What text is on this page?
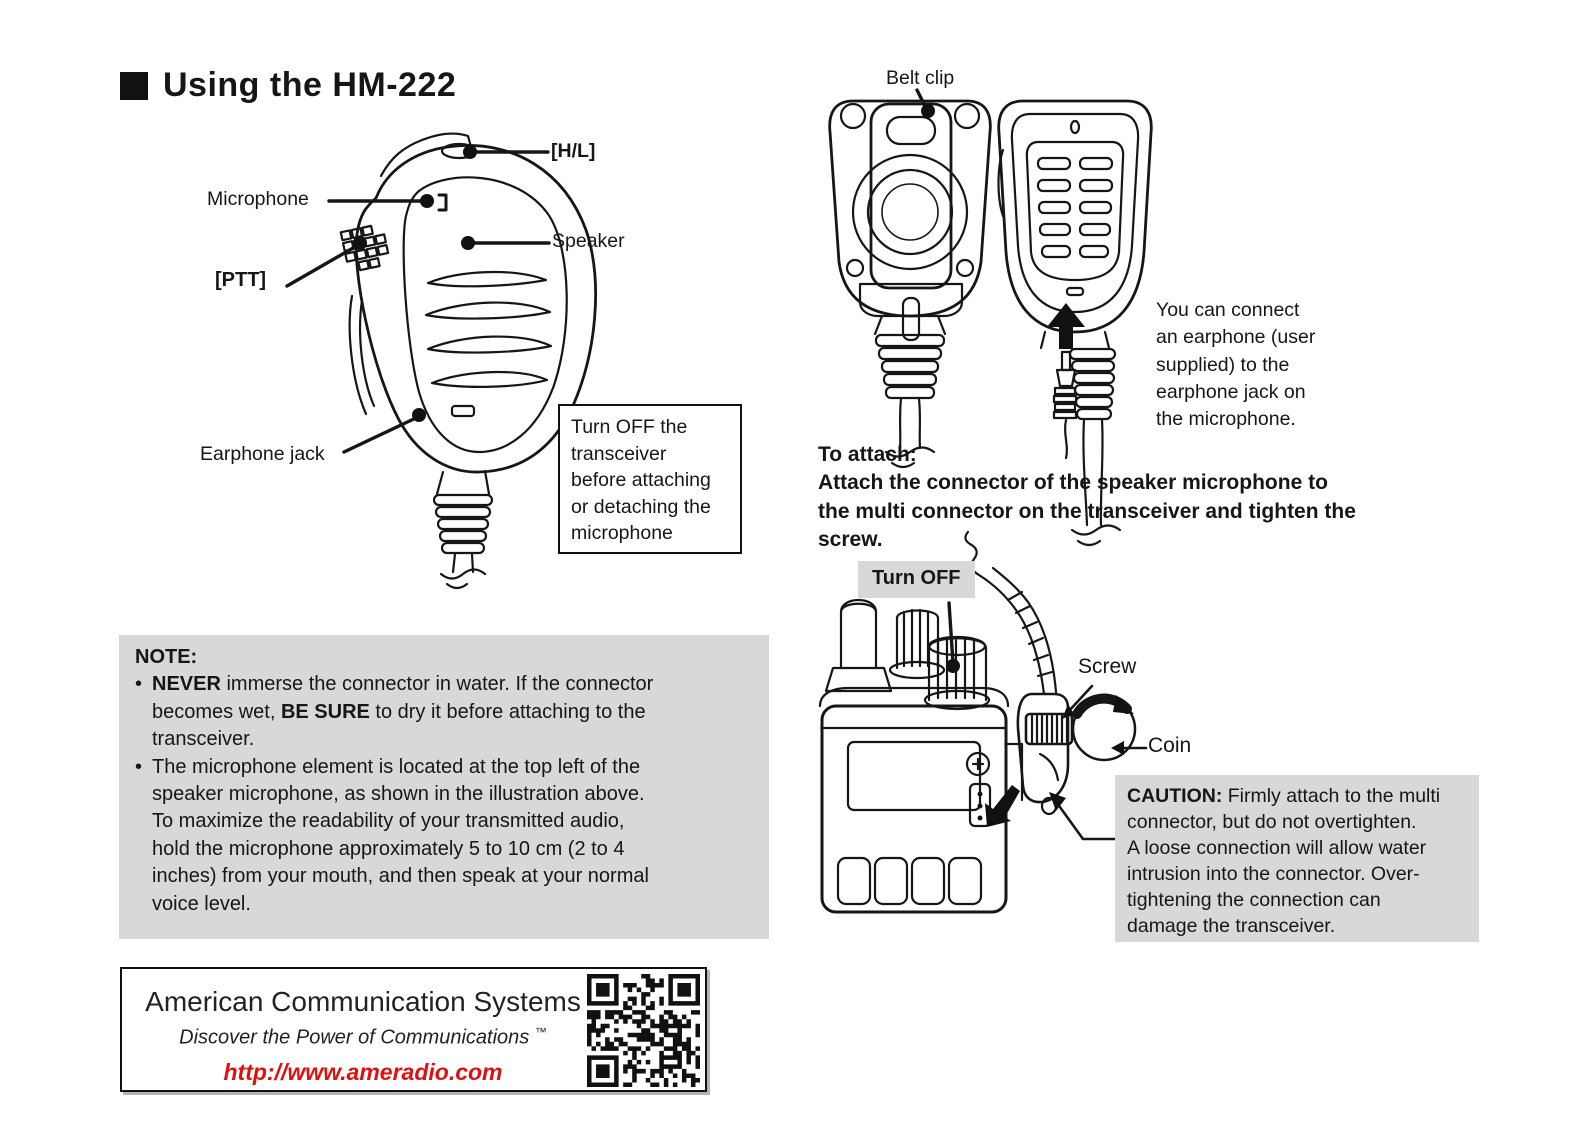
Using the HM-222
Microphone
[H/L]
Speaker
[PTT]
Earphone jack
Turn OFF the
transceiver
before attaching
or detaching the
microphone
Belt clip
You can connect
an earphone (user
supplied) to the
earphone jack on
the microphone.
To attach:
Attach the connector of the speaker microphone to
the multi connector on the transceiver and tighten the
screw.
Turn OFF
Screw
Coin
CAUTION: Firmly attach to the multi
connector, but do not overtighten.
A loose connection will allow water
intrusion into the connector. Over-
tightening the connection can
damage the transceiver.
NOTE:
• NEVER immerse the connector in water. If the connector
becomes wet, BE SURE to dry it before attaching to the
transceiver.
• The microphone element is located at the top left of the
speaker microphone, as shown in the illustration above.
To maximize the readability of your transmitted audio,
hold the microphone approximately 5 to 10 cm (2 to 4
inches) from your mouth, and then speak at your normal
voice level.
American Communication Systems
Discover the Power of Communications ™
http://www.ameradio.com
